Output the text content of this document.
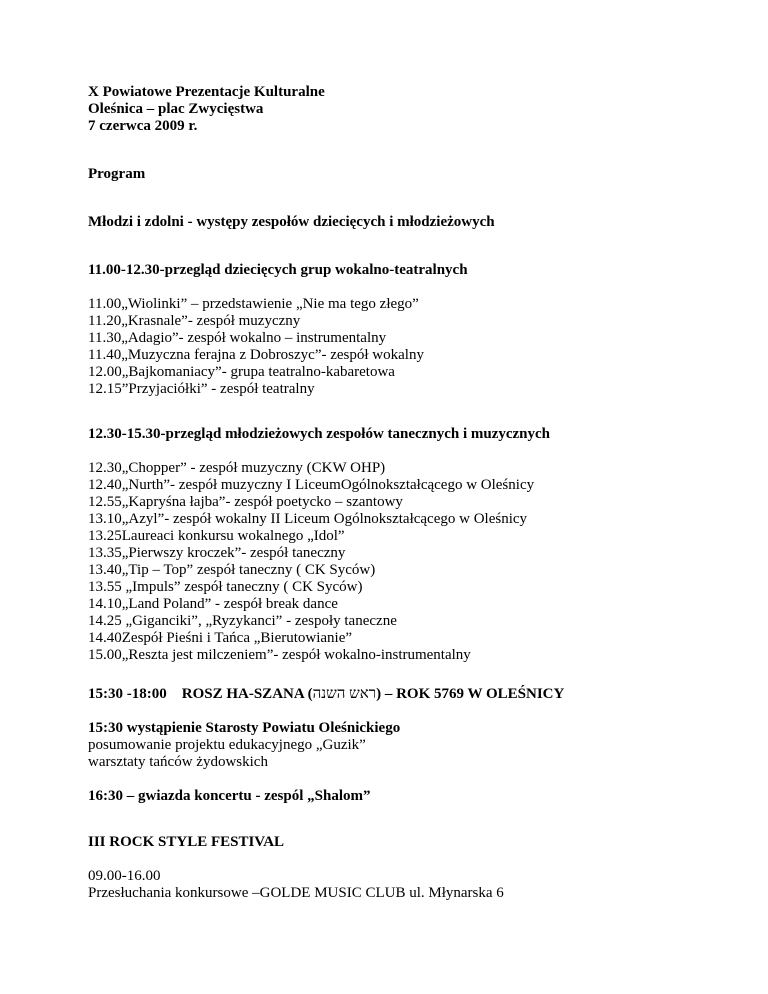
X Powiatowe Prezentacje Kulturalne
Oleśnica – plac Zwycięstwa
7 czerwca 2009 r.
Program
Młodzi i zdolni - występy zespołów dziecięcych i młodzieżowych
11.00-12.30-przegląd dziecięcych grup wokalno-teatralnych
11.00„Wiolinki” – przedstawienie „Nie ma tego złego”
11.20„Krasnale”- zespół muzyczny
11.30„Adagio”- zespół wokalno – instrumentalny
11.40„Muzyczna ferajna z Dobroszyc”- zespół wokalny
12.00„Bajkomaniacy”- grupa teatralno-kabaretowa
12.15”Przyjaciółki” - zespół teatralny
12.30-15.30-przegląd młodzieżowych zespołów tanecznych i muzycznych
12.30„Chopper” - zespół muzyczny (CKW OHP)
12.40„Nurth”- zespół muzyczny I LiceumOgólnokształcącego w Oleśnicy
12.55„Kapryśna łajba”- zespół poetycko – szantowy
13.10„Azyl”- zespół wokalny II Liceum Ogólnokształcącego w Oleśnicy
13.25Laureaci konkursu wokalnego „Idol”
13.35„Pierwszy kroczek”- zespół taneczny
13.40„Tip – Top” zespół taneczny ( CK Syców)
13.55 „Impuls” zespół taneczny ( CK Syców)
14.10„Land Poland” - zespół break dance
14.25 „Giganciki”, „Ryzykanci” - zespoły taneczne
14.40Zespół Pieśni i Tańca „Bierutowianie”
15.00„Reszta jest milczeniem”- zespół wokalno-instrumentalny
15:30 -18:00 ROSZ HA-SZANA (ראש השנה) – ROK 5769 W OLEŚNICY
15:30 wystąpienie Starosty Powiatu Oleśnickiego
posumowanie projektu edukacyjnego „Guzik”
warsztaty tańców żydowskich
16:30 – gwiazda koncertu - zespól „Shalom”
III ROCK STYLE FESTIVAL
09.00-16.00
Przesłuchania konkursowe –GOLDE MUSIC CLUB ul. Młynarska 6
